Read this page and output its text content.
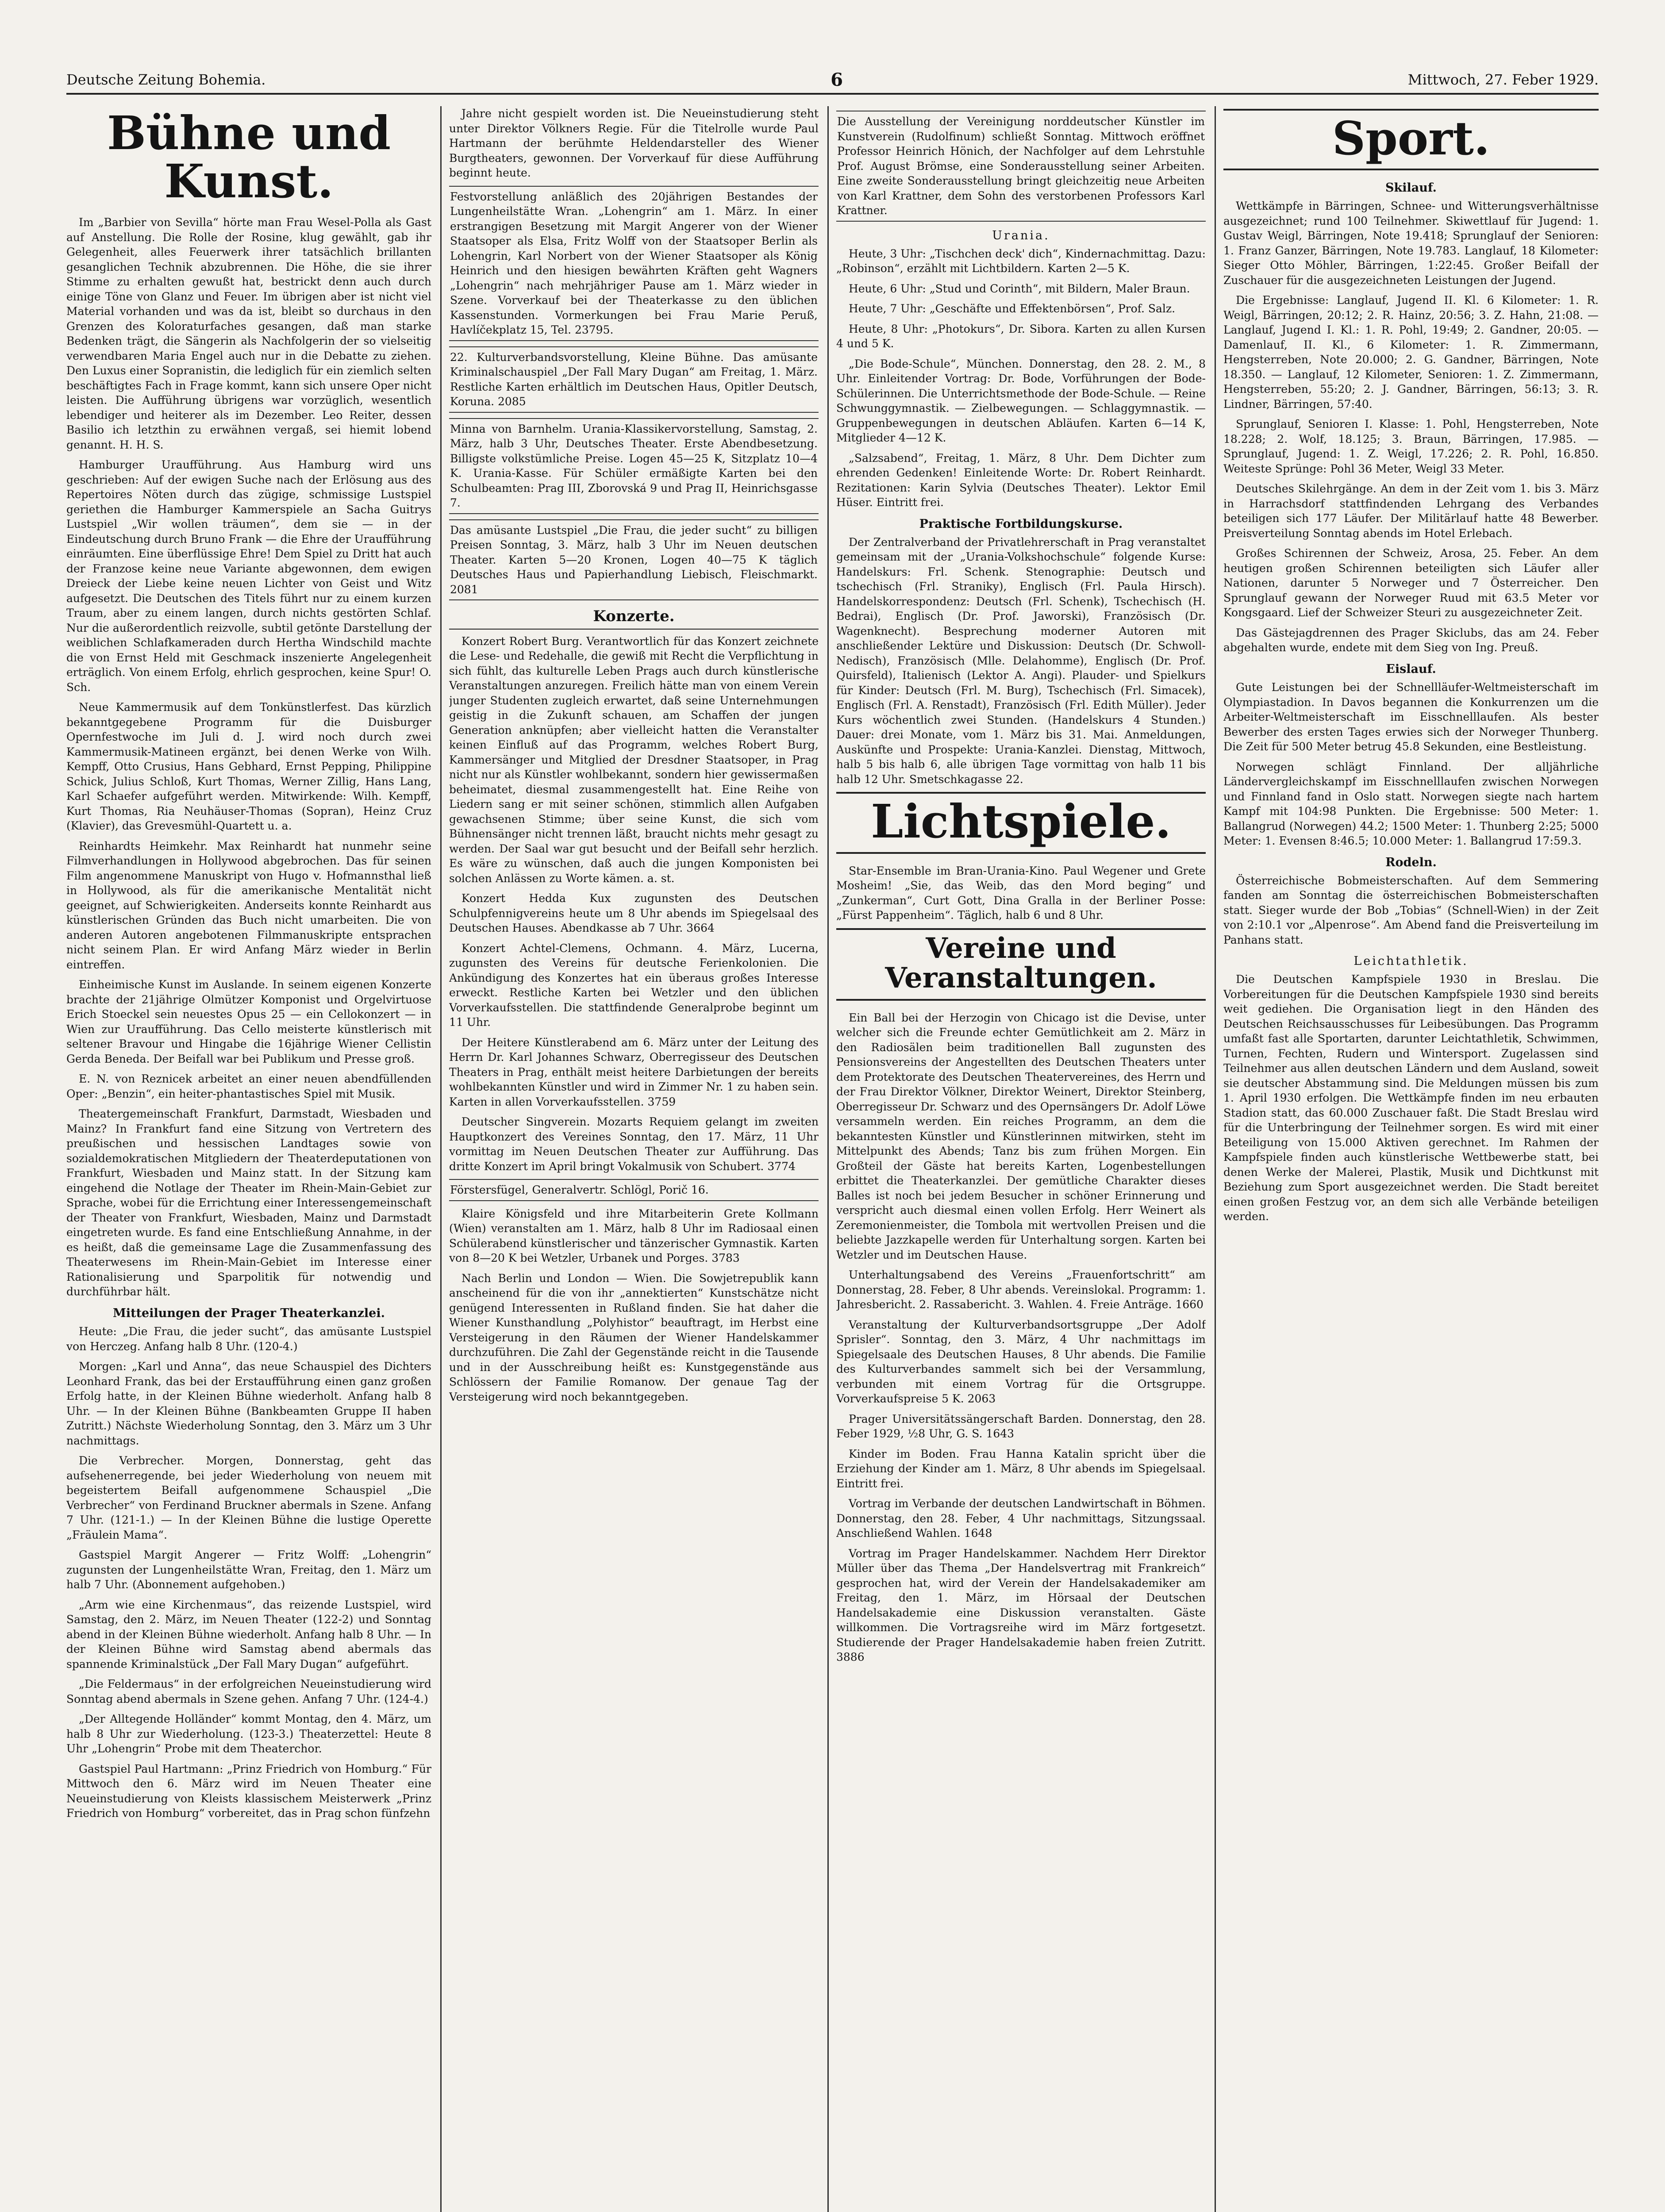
Deutsche Zeitung Bohemia.	6	Mittwoch, 27. Feber 1929.
Bühne und Kunst.

Im „Barbier von Sevilla“ hörte man Frau Wesel-Polla als Gast auf Anstellung. Die Rolle der Rosine, klug gewählt, gab ihr Gelegenheit, alles Feuerwerk ihrer tatsächlich brillanten gesanglichen Technik abzubrennen. Die Höhe, die sie ihrer Stimme zu erhalten gewußt hat, bestrickt denn auch durch einige Töne von Glanz und Feuer. Im übrigen aber ist nicht viel Material vorhanden und was da ist, bleibt so durchaus in den Grenzen des Koloraturfaches gesangen, daß man starke Bedenken trägt, die Sängerin als Nachfolgerin der so vielseitig verwendbaren Maria Engel auch nur in die Debatte zu ziehen. Den Luxus einer Sopranistin, die lediglich für ein ziemlich selten beschäftigtes Fach in Frage kommt, kann sich unsere Oper nicht leisten. Die Aufführung übrigens war vorzüglich, wesentlich lebendiger und heiterer als im Dezember. Leo Reiter, dessen Basilio ich letzthin zu erwähnen vergaß, sei hiemit lobend genannt. H. H. S.

Hamburger Uraufführung. Aus Hamburg wird uns geschrieben: Auf der ewigen Suche nach der Erlösung aus des Repertoires Nöten durch das zügige, schmissige Lustspiel geriethen die Hamburger Kammerspiele an Sacha Guitrys Lustspiel „Wir wollen träumen“, dem sie — in der Eindeutschung durch Bruno Frank — die Ehre der Uraufführung einräumten. Eine überflüssige Ehre! Dem Spiel zu Dritt hat auch der Franzose keine neue Variante abgewonnen, dem ewigen Dreieck der Liebe keine neuen Lichter von Geist und Witz aufgesetzt. Die Deutschen des Titels führt nur zu einem kurzen Traum, aber zu einem langen, durch nichts gestörten Schlaf. Nur die außerordentlich reizvolle, subtil getönte Darstellung der weiblichen Schlafkameraden durch Hertha Windschild machte die von Ernst Held mit Geschmack inszenierte Angelegenheit erträglich. Von einem Erfolg, ehrlich gesprochen, keine Spur! O. Sch.

Neue Kammermusik auf dem Tonkünstlerfest. Das kürzlich bekanntgegebene Programm für die Duisburger Opernfestwoche im Juli d. J. wird noch durch zwei Kammermusik-Matineen ergänzt, bei denen Werke von Wilh. Kempff, Otto Crusius, Hans Gebhard, Ernst Pepping, Philippine Schick, Julius Schloß, Kurt Thomas, Werner Zillig, Hans Lang, Karl Schaefer aufgeführt werden. Mitwirkende: Wilh. Kempff, Kurt Thomas, Ria Neuhäuser-Thomas (Sopran), Heinz Cruz (Klavier), das Grevesmühl-Quartett u. a.

Reinhardts Heimkehr. Max Reinhardt hat nunmehr seine Filmverhandlungen in Hollywood abgebrochen. Das für seinen Film angenommene Manuskript von Hugo v. Hofmannsthal ließ in Hollywood, als für die amerikanische Mentalität nicht geeignet, auf Schwierigkeiten. Anderseits konnte Reinhardt aus künstlerischen Gründen das Buch nicht umarbeiten. Die von anderen Autoren angebotenen Filmmanuskripte entsprachen nicht seinem Plan. Er wird Anfang März wieder in Berlin eintreffen.

Einheimische Kunst im Auslande. In seinem eigenen Konzerte brachte der 21jährige Olmützer Komponist und Orgelvirtuose Erich Stoeckel sein neuestes Opus 25 — ein Cellokonzert — in Wien zur Uraufführung. Das Cello meisterte künstlerisch mit seltener Bravour und Hingabe die 16jährige Wiener Cellistin Gerda Beneda. Der Beifall war bei Publikum und Presse groß.

E. N. von Reznicek arbeitet an einer neuen abendfüllenden Oper: „Benzin“, ein heiter-phantastisches Spiel mit Musik.

Theatergemeinschaft Frankfurt, Darmstadt, Wiesbaden und Mainz? In Frankfurt fand eine Sitzung von Vertretern des preußischen und hessischen Landtages sowie von sozialdemokratischen Mitgliedern der Theaterdeputationen von Frankfurt, Wiesbaden und Mainz statt. In der Sitzung kam eingehend die Notlage der Theater im Rhein-Main-Gebiet zur Sprache, wobei für die Errichtung einer Interessengemeinschaft der Theater von Frankfurt, Wiesbaden, Mainz und Darmstadt eingetreten wurde. Es fand eine Entschließung Annahme, in der es heißt, daß die gemeinsame Lage die Zusammenfassung des Theaterwesens im Rhein-Main-Gebiet im Interesse einer Rationalisierung und Sparpolitik für notwendig und durchführbar hält.

Mitteilungen der Prager Theaterkanzlei.

Heute: „Die Frau, die jeder sucht“, das amüsante Lustspiel von Herczeg. Anfang halb 8 Uhr. (120-4.)

Morgen: „Karl und Anna“, das neue Schauspiel des Dichters Leonhard Frank, das bei der Erstaufführung einen ganz großen Erfolg hatte, in der Kleinen Bühne wiederholt. Anfang halb 8 Uhr. — In der Kleinen Bühne (Bankbeamten Gruppe II haben Zutritt.) Nächste Wiederholung Sonntag, den 3. März um 3 Uhr nachmittags.

Die Verbrecher. Morgen, Donnerstag, geht das aufsehenerregende, bei jeder Wiederholung von neuem mit begeistertem Beifall aufgenommene Schauspiel „Die Verbrecher“ von Ferdinand Bruckner abermals in Szene. Anfang 7 Uhr. (121-1.) — In der Kleinen Bühne die lustige Operette „Fräulein Mama“.

Gastspiel Margit Angerer — Fritz Wolff: „Lohengrin“ zugunsten der Lungenheilstätte Wran, Freitag, den 1. März um halb 7 Uhr. (Abonnement aufgehoben.)

„Arm wie eine Kirchenmaus“, das reizende Lustspiel, wird Samstag, den 2. März, im Neuen Theater (122-2) und Sonntag abend in der Kleinen Bühne wiederholt. Anfang halb 8 Uhr. — In der Kleinen Bühne wird Samstag abend abermals das spannende Kriminalstück „Der Fall Mary Dugan“ aufgeführt.

„Die Feldermaus“ in der erfolgreichen Neueinstudierung wird Sonntag abend abermals in Szene gehen. Anfang 7 Uhr. (124-4.)

„Der Alltegende Holländer“ kommt Montag, den 4. März, um halb 8 Uhr zur Wiederholung. (123-3.) Theaterzettel: Heute 8 Uhr „Lohengrin“ Probe mit dem Theaterchor.

Gastspiel Paul Hartmann: „Prinz Friedrich von Homburg.“ Für Mittwoch den 6. März wird im Neuen Theater eine Neueinstudierung von Kleists klassischem Meisterwerk „Prinz Friedrich von Homburg“ vorbereitet, das in Prag schon fünfzehn

Jahre nicht gespielt worden ist. Die Neueinstudierung steht unter Direktor Völkners Regie. Für die Titelrolle wurde Paul Hartmann der berühmte Heldendarsteller des Wiener Burgtheaters, gewonnen. Der Vorverkauf für diese Aufführung beginnt heute.

Festvorstellung anläßlich des 20jährigen Bestandes der Lungenheilstätte Wran. „Lohengrin“ am 1. März. In einer erstrangigen Besetzung mit Margit Angerer von der Wiener Staatsoper als Elsa, Fritz Wolff von der Staatsoper Berlin als Lohengrin, Karl Norbert von der Wiener Staatsoper als König Heinrich und den hiesigen bewährten Kräften geht Wagners „Lohengrin“ nach mehrjähriger Pause am 1. März wieder in Szene. Vorverkauf bei der Theaterkasse zu den üblichen Kassenstunden. Vormerkungen bei Frau Marie Peruß, Havlíčekplatz 15, Tel. 23795.

22. Kulturverbandsvorstellung, Kleine Bühne. Das amüsante Kriminalschauspiel „Der Fall Mary Dugan“ am Freitag, 1. März. Restliche Karten erhältlich im Deutschen Haus, Opitler Deutsch, Koruna. 2085

Minna von Barnhelm. Urania-Klassikervorstellung, Samstag, 2. März, halb 3 Uhr, Deutsches Theater. Erste Abendbesetzung. Billigste volkstümliche Preise. Logen 45—25 K, Sitzplatz 10—4 K. Urania-Kasse. Für Schüler ermäßigte Karten bei den Schulbeamten: Prag III, Zborovská 9 und Prag II, Heinrichsgasse 7.

Das amüsante Lustspiel „Die Frau, die jeder sucht“ zu billigen Preisen Sonntag, 3. März, halb 3 Uhr im Neuen deutschen Theater. Karten 5—20 Kronen, Logen 40—75 K täglich Deutsches Haus und Papierhandlung Liebisch, Fleischmarkt. 2081

Konzerte.

Konzert Robert Burg. Verantwortlich für das Konzert zeichnete die Lese- und Redehalle, die gewiß mit Recht die Verpflichtung in sich fühlt, das kulturelle Leben Prags auch durch künstlerische Veranstaltungen anzuregen. Freilich hätte man von einem Verein junger Studenten zugleich erwartet, daß seine Unternehmungen geistig in die Zukunft schauen, am Schaffen der jungen Generation anknüpfen; aber vielleicht hatten die Veranstalter keinen Einfluß auf das Programm, welches Robert Burg, Kammersänger und Mitglied der Dresdner Staatsoper, in Prag nicht nur als Künstler wohlbekannt, sondern hier gewissermaßen beheimatet, diesmal zusammengestellt hat. Eine Reihe von Liedern sang er mit seiner schönen, stimmlich allen Aufgaben gewachsenen Stimme; über seine Kunst, die sich vom Bühnensänger nicht trennen läßt, braucht nichts mehr gesagt zu werden. Der Saal war gut besucht und der Beifall sehr herzlich. Es wäre zu wünschen, daß auch die jungen Komponisten bei solchen Anlässen zu Worte kämen. a. st.

Konzert Hedda Kux zugunsten des Deutschen Schulpfennigvereins heute um 8 Uhr abends im Spiegelsaal des Deutschen Hauses. Abendkasse ab 7 Uhr. 3664

Konzert Achtel-Clemens, Ochmann. 4. März, Lucerna, zugunsten des Vereins für deutsche Ferienkolonien. Die Ankündigung des Konzertes hat ein überaus großes Interesse erweckt. Restliche Karten bei Wetzler und den üblichen Vorverkaufsstellen. Die stattfindende Generalprobe beginnt um 11 Uhr.

Der Heitere Künstlerabend am 6. März unter der Leitung des Herrn Dr. Karl Johannes Schwarz, Oberregisseur des Deutschen Theaters in Prag, enthält meist heitere Darbietungen der bereits wohlbekannten Künstler und wird in Zimmer Nr. 1 zu haben sein. Karten in allen Vorverkaufsstellen. 3759

Deutscher Singverein. Mozarts Requiem gelangt im zweiten Hauptkonzert des Vereines Sonntag, den 17. März, 11 Uhr vormittag im Neuen Deutschen Theater zur Aufführung. Das dritte Konzert im April bringt Vokalmusik von Schubert. 3774

Förstersfügel, Generalvertr. Schlögl, Porič 16.

Klaire Königsfeld und ihre Mitarbeiterin Grete Kollmann (Wien) veranstalten am 1. März, halb 8 Uhr im Radiosaal einen Schülerabend künstlerischer und tänzerischer Gymnastik. Karten von 8—20 K bei Wetzler, Urbanek und Porges. 3783

Nach Berlin und London — Wien. Die Sowjetrepublik kann anscheinend für die von ihr „annektierten“ Kunstschätze nicht genügend Interessenten in Rußland finden. Sie hat daher die Wiener Kunsthandlung „Polyhistor“ beauftragt, im Herbst eine Versteigerung in den Räumen der Wiener Handelskammer durchzuführen. Die Zahl der Gegenstände reicht in die Tausende und in der Ausschreibung heißt es: Kunstgegenstände aus Schlössern der Familie Romanow. Der genaue Tag der Versteigerung wird noch bekanntgegeben.

Die Ausstellung der Vereinigung norddeutscher Künstler im Kunstverein (Rudolfinum) schließt Sonntag. Mittwoch eröffnet Professor Heinrich Hönich, der Nachfolger auf dem Lehrstuhle Prof. August Brömse, eine Sonderausstellung seiner Arbeiten. Eine zweite Sonderausstellung bringt gleichzeitig neue Arbeiten von Karl Krattner, dem Sohn des verstorbenen Professors Karl Krattner.

Urania.

Heute, 3 Uhr: „Tischchen deck' dich“, Kindernachmittag. Dazu: „Robinson“, erzählt mit Lichtbildern. Karten 2—5 K.

Heute, 6 Uhr: „Stud und Corinth“, mit Bildern, Maler Braun.

Heute, 7 Uhr: „Geschäfte und Effektenbörsen“, Prof. Salz.

Heute, 8 Uhr: „Photokurs“, Dr. Sibora. Karten zu allen Kursen 4 und 5 K.

„Die Bode-Schule“, München. Donnerstag, den 28. 2. M., 8 Uhr. Einleitender Vortrag: Dr. Bode, Vorführungen der Bode-Schülerinnen. Die Unterrichtsmethode der Bode-Schule. — Reine Schwunggymnastik. — Zielbewegungen. — Schlaggymnastik. — Gruppenbewegungen in deutschen Abläufen. Karten 6—14 K, Mitglieder 4—12 K.

„Salzsabend“, Freitag, 1. März, 8 Uhr. Dem Dichter zum ehrenden Gedenken! Einleitende Worte: Dr. Robert Reinhardt. Rezitationen: Karin Sylvia (Deutsches Theater). Lektor Emil Hüser. Eintritt frei.

Praktische Fortbildungskurse.

Der Zentralverband der Privatlehrerschaft in Prag veranstaltet gemeinsam mit der „Urania-Volkshochschule“ folgende Kurse: Handelskurs: Frl. Schenk. Stenographie: Deutsch und tschechisch (Frl. Straniky), Englisch (Frl. Paula Hirsch). Handelskorrespondenz: Deutsch (Frl. Schenk), Tschechisch (H. Bedrai), Englisch (Dr. Prof. Jaworski), Französisch (Dr. Wagenknecht). Besprechung moderner Autoren mit anschließender Lektüre und Diskussion: Deutsch (Dr. Schwoll-Nedisch), Französisch (Mlle. Delahomme), Englisch (Dr. Prof. Quirsfeld), Italienisch (Lektor A. Angi). Plauder- und Spielkurs für Kinder: Deutsch (Frl. M. Burg), Tschechisch (Frl. Simacek), Englisch (Frl. A. Renstadt), Französisch (Frl. Edith Müller). Jeder Kurs wöchentlich zwei Stunden. (Handelskurs 4 Stunden.) Dauer: drei Monate, vom 1. März bis 31. Mai. Anmeldungen, Auskünfte und Prospekte: Urania-Kanzlei. Dienstag, Mittwoch, halb 5 bis halb 6, alle übrigen Tage vormittag von halb 11 bis halb 12 Uhr. Smetschkagasse 22.

Lichtspiele.

Star-Ensemble im Bran-Urania-Kino. Paul Wegener und Grete Mosheim! „Sie, das Weib, das den Mord beging“ und „Zunkerman“, Curt Gott, Dina Gralla in der Berliner Posse: „Fürst Pappenheim“. Täglich, halb 6 und 8 Uhr.

Vereine und Veranstaltungen.

Ein Ball bei der Herzogin von Chicago ist die Devise, unter welcher sich die Freunde echter Gemütlichkeit am 2. März in den Radiosälen beim traditionellen Ball zugunsten des Pensionsvereins der Angestellten des Deutschen Theaters unter dem Protektorate des Deutschen Theatervereines, des Herrn und der Frau Direktor Völkner, Direktor Weinert, Direktor Steinberg, Oberregisseur Dr. Schwarz und des Opernsängers Dr. Adolf Löwe versammeln werden. Ein reiches Programm, an dem die bekanntesten Künstler und Künstlerinnen mitwirken, steht im Mittelpunkt des Abends; Tanz bis zum frühen Morgen. Ein Großteil der Gäste hat bereits Karten, Logenbestellungen erbittet die Theaterkanzlei. Der gemütliche Charakter dieses Balles ist noch bei jedem Besucher in schöner Erinnerung und verspricht auch diesmal einen vollen Erfolg. Herr Weinert als Zeremonienmeister, die Tombola mit wertvollen Preisen und die beliebte Jazzkapelle werden für Unterhaltung sorgen. Karten bei Wetzler und im Deutschen Hause.

Unterhaltungsabend des Vereins „Frauenfortschritt“ am Donnerstag, 28. Feber, 8 Uhr abends. Vereinslokal. Programm: 1. Jahresbericht. 2. Rassabericht. 3. Wahlen. 4. Freie Anträge. 1660

Veranstaltung der Kulturverbandsortsgruppe „Der Adolf Sprisler“. Sonntag, den 3. März, 4 Uhr nachmittags im Spiegelsaale des Deutschen Hauses, 8 Uhr abends. Die Familie des Kulturverbandes sammelt sich bei der Versammlung, verbunden mit einem Vortrag für die Ortsgruppe. Vorverkaufspreise 5 K. 2063

Prager Universitätssängerschaft Barden. Donnerstag, den 28. Feber 1929, ½8 Uhr, G. S. 1643

Kinder im Boden. Frau Hanna Katalin spricht über die Erziehung der Kinder am 1. März, 8 Uhr abends im Spiegelsaal. Eintritt frei.

Vortrag im Verbande der deutschen Landwirtschaft in Böhmen. Donnerstag, den 28. Feber, 4 Uhr nachmittags, Sitzungssaal. Anschließend Wahlen. 1648

Vortrag im Prager Handelskammer. Nachdem Herr Direktor Müller über das Thema „Der Handelsvertrag mit Frankreich“ gesprochen hat, wird der Verein der Handelsakademiker am Freitag, den 1. März, im Hörsaal der Deutschen Handelsakademie eine Diskussion veranstalten. Gäste willkommen. Die Vortragsreihe wird im März fortgesetzt. Studierende der Prager Handelsakademie haben freien Zutritt. 3886

Sport.
Skilauf.

Wettkämpfe in Bärringen, Schnee- und Witterungsverhältnisse ausgezeichnet; rund 100 Teilnehmer. Skiwettlauf für Jugend: 1. Gustav Weigl, Bärringen, Note 19.418; Sprunglauf der Senioren: 1. Franz Ganzer, Bärringen, Note 19.783. Langlauf, 18 Kilometer: Sieger Otto Möhler, Bärringen, 1:22:45. Großer Beifall der Zuschauer für die ausgezeichneten Leistungen der Jugend.

Die Ergebnisse: Langlauf, Jugend II. Kl. 6 Kilometer: 1. R. Weigl, Bärringen, 20:12; 2. R. Hainz, 20:56; 3. Z. Hahn, 21:08. — Langlauf, Jugend I. Kl.: 1. R. Pohl, 19:49; 2. Gandner, 20:05. — Damenlauf, II. Kl., 6 Kilometer: 1. R. Zimmermann, Hengsterreben, Note 20.000; 2. G. Gandner, Bärringen, Note 18.350. — Langlauf, 12 Kilometer, Senioren: 1. Z. Zimmermann, Hengsterreben, 55:20; 2. J. Gandner, Bärringen, 56:13; 3. R. Lindner, Bärringen, 57:40.

Sprunglauf, Senioren I. Klasse: 1. Pohl, Hengsterreben, Note 18.228; 2. Wolf, 18.125; 3. Braun, Bärringen, 17.985. — Sprunglauf, Jugend: 1. Z. Weigl, 17.226; 2. R. Pohl, 16.850. Weiteste Sprünge: Pohl 36 Meter, Weigl 33 Meter.

Deutsches Skilehrgänge. An dem in der Zeit vom 1. bis 3. März in Harrachsdorf stattfindenden Lehrgang des Verbandes beteiligen sich 177 Läufer. Der Militärlauf hatte 48 Bewerber. Preisverteilung Sonntag abends im Hotel Erlebach.

Großes Schirennen der Schweiz, Arosa, 25. Feber. An dem heutigen großen Schirennen beteiligten sich Läufer aller Nationen, darunter 5 Norweger und 7 Österreicher. Den Sprunglauf gewann der Norweger Ruud mit 63.5 Meter vor Kongsgaard. Lief der Schweizer Steuri zu ausgezeichneter Zeit.

Das Gästejagdrennen des Prager Skiclubs, das am 24. Feber abgehalten wurde, endete mit dem Sieg von Ing. Preuß.

Eislauf.

Gute Leistungen bei der Schnellläufer-Weltmeisterschaft im Olympiastadion. In Davos begannen die Konkurrenzen um die Arbeiter-Weltmeisterschaft im Eisschnelllaufen. Als bester Bewerber des ersten Tages erwies sich der Norweger Thunberg. Die Zeit für 500 Meter betrug 45.8 Sekunden, eine Bestleistung.

Norwegen schlägt Finnland. Der alljährliche Ländervergleichskampf im Eisschnelllaufen zwischen Norwegen und Finnland fand in Oslo statt. Norwegen siegte nach hartem Kampf mit 104:98 Punkten. Die Ergebnisse: 500 Meter: 1. Ballangrud (Norwegen) 44.2; 1500 Meter: 1. Thunberg 2:25; 5000 Meter: 1. Evensen 8:46.5; 10.000 Meter: 1. Ballangrud 17:59.3.

Rodeln.

Österreichische Bobmeisterschaften. Auf dem Semmering fanden am Sonntag die österreichischen Bobmeisterschaften statt. Sieger wurde der Bob „Tobias“ (Schnell-Wien) in der Zeit von 2:10.1 vor „Alpenrose“. Am Abend fand die Preisverteilung im Panhans statt.

Leichtathletik.

Die Deutschen Kampfspiele 1930 in Breslau. Die Vorbereitungen für die Deutschen Kampfspiele 1930 sind bereits weit gediehen. Die Organisation liegt in den Händen des Deutschen Reichsausschusses für Leibesübungen. Das Programm umfaßt fast alle Sportarten, darunter Leichtathletik, Schwimmen, Turnen, Fechten, Rudern und Wintersport. Zugelassen sind Teilnehmer aus allen deutschen Ländern und dem Ausland, soweit sie deutscher Abstammung sind. Die Meldungen müssen bis zum 1. April 1930 erfolgen. Die Wettkämpfe finden im neu erbauten Stadion statt, das 60.000 Zuschauer faßt. Die Stadt Breslau wird für die Unterbringung der Teilnehmer sorgen. Es wird mit einer Beteiligung von 15.000 Aktiven gerechnet. Im Rahmen der Kampfspiele finden auch künstlerische Wettbewerbe statt, bei denen Werke der Malerei, Plastik, Musik und Dichtkunst mit Beziehung zum Sport ausgezeichnet werden. Die Stadt bereitet einen großen Festzug vor, an dem sich alle Verbände beteiligen werden.
